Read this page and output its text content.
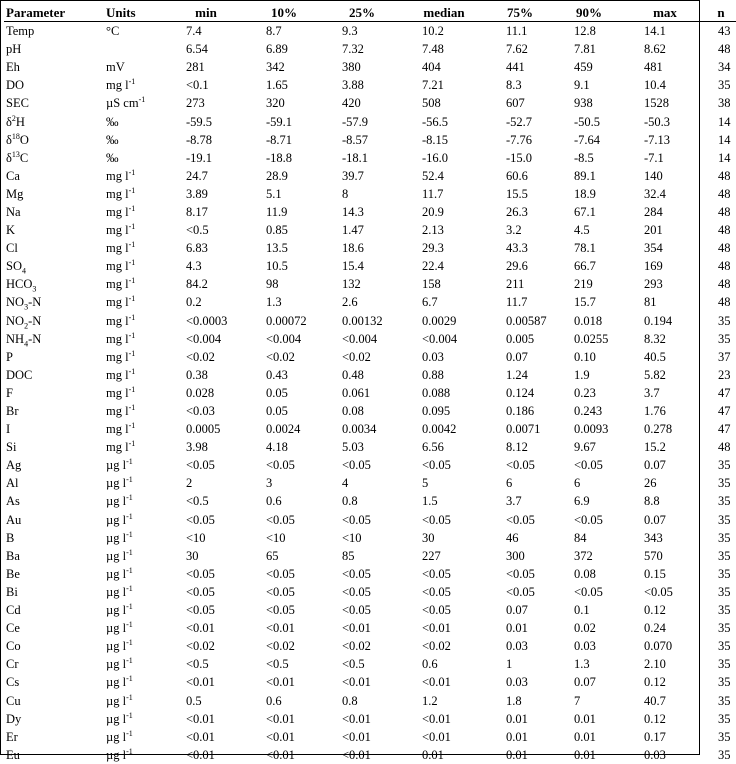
Parameter	Units	min	10%	25%	median	75%	90%	max	n
Temp	°C	7.4	8.7	9.3	10.2	11.1	12.8	14.1	43
pH		6.54	6.89	7.32	7.48	7.62	7.81	8.62	48
Eh	mV	281	342	380	404	441	459	481	34
DO	mg $l^{-1}$	<0.1	1.65	3.88	7.21	8.3	9.1	10.4	35
SEC	µS $cm^{-1}$	273	320	420	508	607	938	1528	38
$\delta^2H$	‰	-59.5	-59.1	-57.9	-56.5	-52.7	-50.5	-50.3	14
$\delta^{18}O$	‰	-8.78	-8.71	-8.57	-8.15	-7.76	-7.64	-7.13	14
$\delta^{13}C$	‰	-19.1	-18.8	-18.1	-16.0	-15.0	-8.5	-7.1	14
Ca	mg $l^{-1}$	24.7	28.9	39.7	52.4	60.6	89.1	140	48
Mg	mg $l^{-1}$	3.89	5.1	8	11.7	15.5	18.9	32.4	48
Na	mg $l^{-1}$	8.17	11.9	14.3	20.9	26.3	67.1	284	48
K	mg $l^{-1}$	<0.5	0.85	1.47	2.13	3.2	4.5	201	48
Cl	mg $l^{-1}$	6.83	13.5	18.6	29.3	43.3	78.1	354	48
$SO_4$	mg $l^{-1}$	4.3	10.5	15.4	22.4	29.6	66.7	169	48
$HCO_3$	mg $l^{-1}$	84.2	98	132	158	211	219	293	48
$NO_3-N$	mg $l^{-1}$	0.2	1.3	2.6	6.7	11.7	15.7	81	48
$NO_2-N$	mg $l^{-1}$	<0.0003	0.00072	0.00132	0.0029	0.00587	0.018	0.194	35
$NH_4-N$	mg $l^{-1}$	<0.004	<0.004	<0.004	<0.004	0.005	0.0255	8.32	35
P	mg $l^{-1}$	<0.02	<0.02	<0.02	0.03	0.07	0.10	40.5	37
DOC	mg $l^{-1}$	0.38	0.43	0.48	0.88	1.24	1.9	5.82	23
F	mg $l^{-1}$	0.028	0.05	0.061	0.088	0.124	0.23	3.7	47
Br	mg $l^{-1}$	<0.03	0.05	0.08	0.095	0.186	0.243	1.76	47
I	mg $l^{-1}$	0.0005	0.0024	0.0034	0.0042	0.0071	0.0093	0.278	47
Si	mg $l^{-1}$	3.98	4.18	5.03	6.56	8.12	9.67	15.2	48
Ag	µg $l^{-1}$	<0.05	<0.05	<0.05	<0.05	<0.05	<0.05	0.07	35
Al	µg $l^{-1}$	2	3	4	5	6	6	26	35
As	µg $l^{-1}$	<0.5	0.6	0.8	1.5	3.7	6.9	8.8	35
Au	µg $l^{-1}$	<0.05	<0.05	<0.05	<0.05	<0.05	<0.05	0.07	35
B	µg $l^{-1}$	<10	<10	<10	30	46	84	343	35
Ba	µg $l^{-1}$	30	65	85	227	300	372	570	35
Be	µg $l^{-1}$	<0.05	<0.05	<0.05	<0.05	<0.05	0.08	0.15	35
Bi	µg $l^{-1}$	<0.05	<0.05	<0.05	<0.05	<0.05	<0.05	<0.05	35
Cd	µg $l^{-1}$	<0.05	<0.05	<0.05	<0.05	0.07	0.1	0.12	35
Ce	µg $l^{-1}$	<0.01	<0.01	<0.01	<0.01	0.01	0.02	0.24	35
Co	µg $l^{-1}$	<0.02	<0.02	<0.02	<0.02	0.03	0.03	0.070	35
Cr	µg $l^{-1}$	<0.5	<0.5	<0.5	0.6	1	1.3	2.10	35
Cs	µg $l^{-1}$	<0.01	<0.01	<0.01	<0.01	0.03	0.07	0.12	35
Cu	µg $l^{-1}$	0.5	0.6	0.8	1.2	1.8	7	40.7	35
Dy	µg $l^{-1}$	<0.01	<0.01	<0.01	<0.01	0.01	0.01	0.12	35
Er	µg $l^{-1}$	<0.01	<0.01	<0.01	<0.01	0.01	0.01	0.17	35
Eu	µg $l^{-1}$	<0.01	<0.01	<0.01	0.01	0.01	0.01	0.03	35
